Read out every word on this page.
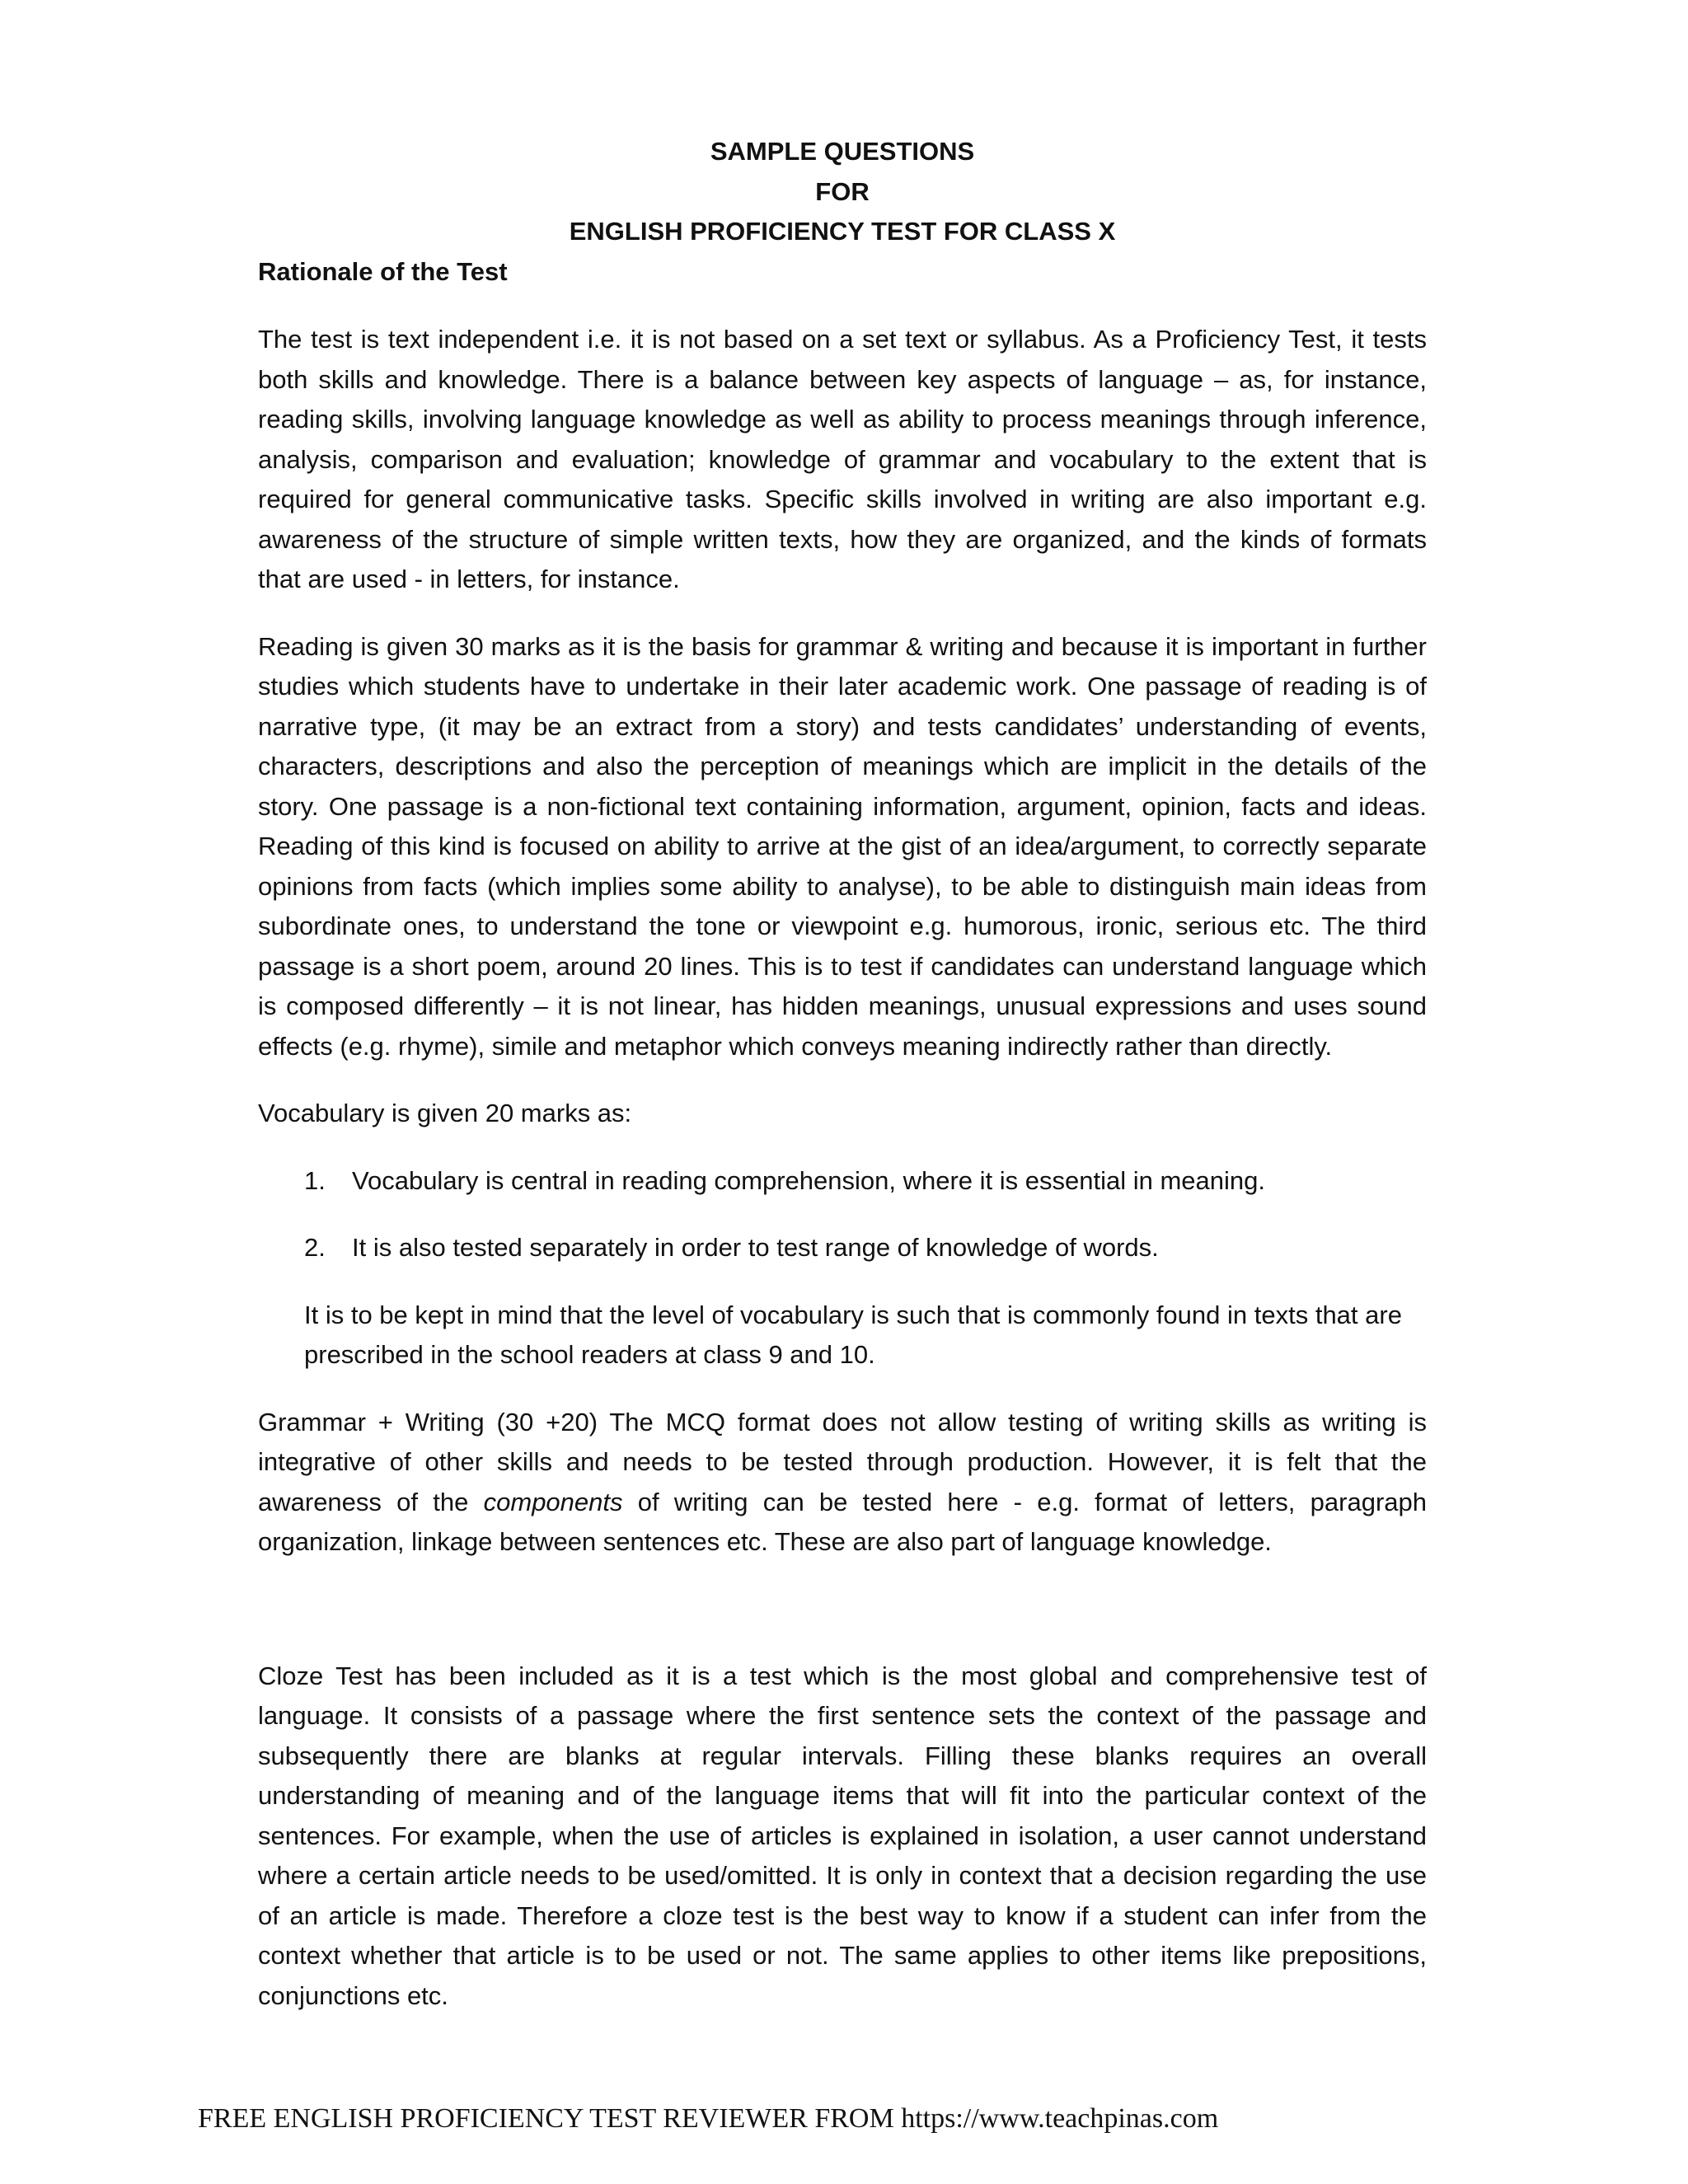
SAMPLE QUESTIONS
FOR
ENGLISH PROFICIENCY TEST FOR CLASS X
Rationale of the Test

The test is text independent i.e. it is not based on a set text or syllabus. As a Proficiency Test, it tests both skills and knowledge. There is a balance between key aspects of language – as, for instance, reading skills, involving language knowledge as well as ability to process meanings through inference, analysis, comparison and evaluation; knowledge of grammar and vocabulary to the extent that is required for general communicative tasks. Specific skills involved in writing are also important e.g. awareness of the structure of simple written texts, how they are organized, and the kinds of formats that are used - in letters, for instance.

Reading is given 30 marks as it is the basis for grammar & writing and because it is important in further studies which students have to undertake in their later academic work. One passage of reading is of narrative type, (it may be an extract from a story) and tests candidates’ understanding of events, characters, descriptions and also the perception of meanings which are implicit in the details of the story. One passage is a non-fictional text containing information, argument, opinion, facts and ideas. Reading of this kind is focused on ability to arrive at the gist of an idea/argument, to correctly separate opinions from facts (which implies some ability to analyse), to be able to distinguish main ideas from subordinate ones, to understand the tone or viewpoint e.g. humorous, ironic, serious etc. The third passage is a short poem, around 20 lines. This is to test if candidates can understand language which is composed differently – it is not linear, has hidden meanings, unusual expressions and uses sound effects (e.g. rhyme), simile and metaphor which conveys meaning indirectly rather than directly.

Vocabulary is given 20 marks as:

1.	Vocabulary is central in reading comprehension, where it is essential in meaning.
2.	It is also tested separately in order to test range of knowledge of words.

It is to be kept in mind that the level of vocabulary is such that is commonly found in texts that are prescribed in the school readers at class 9 and 10.

Grammar + Writing (30 +20) The MCQ format does not allow testing of writing skills as writing is integrative of other skills and needs to be tested through production. However, it is felt that the awareness of the components of writing can be tested here - e.g. format of letters, paragraph organization, linkage between sentences etc. These are also part of language knowledge.

Cloze Test has been included as it is a test which is the most global and comprehensive test of language. It consists of a passage where the first sentence sets the context of the passage and subsequently there are blanks at regular intervals. Filling these blanks requires an overall understanding of meaning and of the language items that will fit into the particular context of the sentences. For example, when the use of articles is explained in isolation, a user cannot understand where a certain article needs to be used/omitted. It is only in context that a decision regarding the use of an article is made. Therefore a cloze test is the best way to know if a student can infer from the context whether that article is to be used or not. The same applies to other items like prepositions, conjunctions etc.

FREE ENGLISH PROFICIENCY TEST REVIEWER FROM https://www.teachpinas.com
